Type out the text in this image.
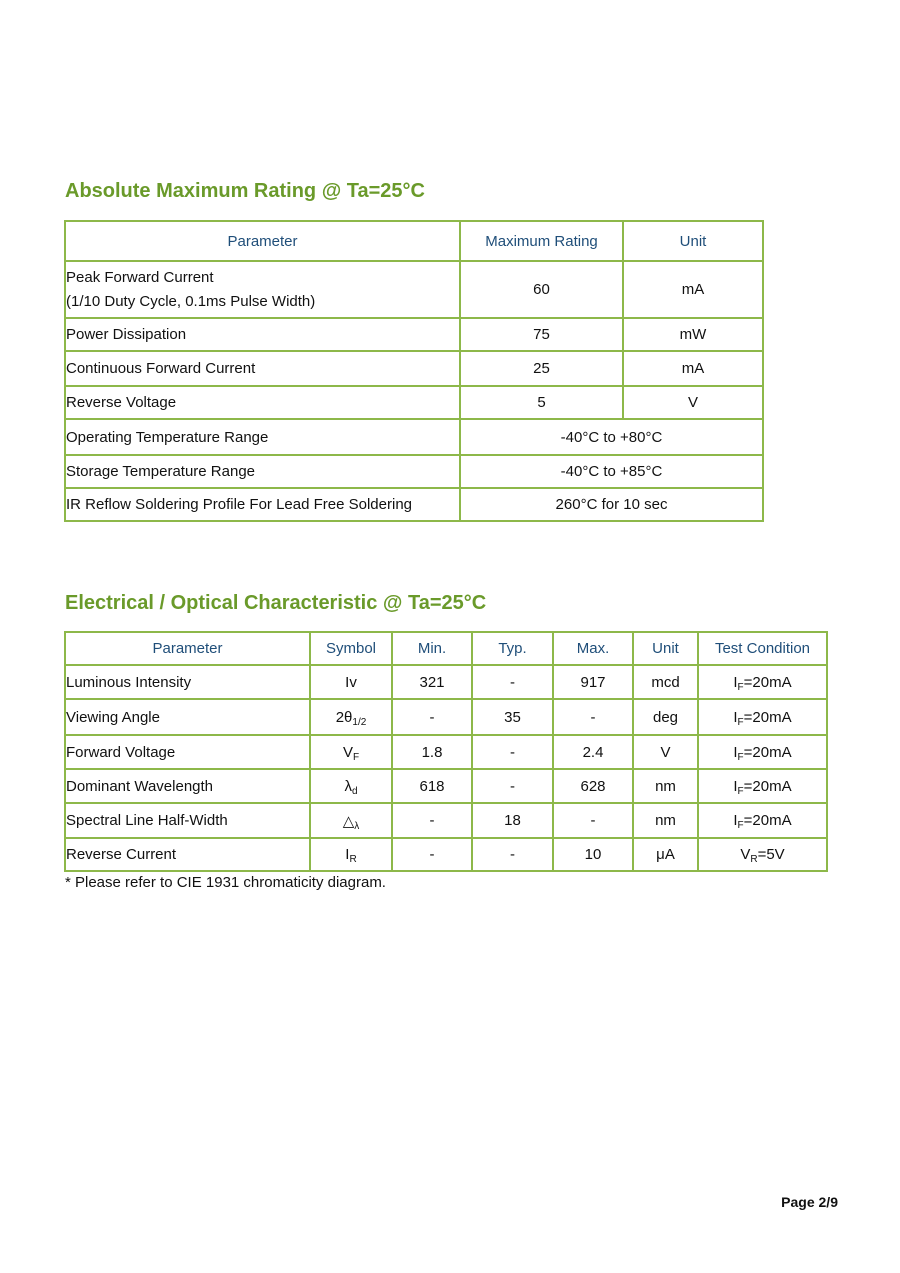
Absolute Maximum Rating @ Ta=25°C
Parameter	Maximum Rating	Unit

Peak Forward Current
(1/10 Duty Cycle, 0.1ms Pulse Width)	60	mA
Power Dissipation	75	mW
Continuous Forward Current	25	mA
Reverse Voltage	5	V
Operating Temperature Range	-40°C to +80°C	
Storage Temperature Range	-40°C to +85°C	
IR Reflow Soldering Profile For Lead Free Soldering	260°C for 10 sec	
Electrical / Optical Characteristic @ Ta=25°C
Parameter	Symbol	Min.	Typ.	Max.	Unit	Test Condition
Luminous Intensity	Iv	321	-	917	mcd	$I_F=20mA$
Viewing Angle	$2\theta_{1/2}$	-	35	-	deg	$I_F=20mA$
Forward Voltage	$V_F$	1.8	-	2.4	V	$I_F=20mA$
Dominant Wavelength	$\lambda_d$	618	-	628	nm	$I_F=20mA$
Spectral Line Half-Width	$\triangle_\lambda$	-	18	-	nm	$I_F=20mA$
Reverse Current	$I_R$	-	-	10	μA	$V_R=5V$

* Please refer to CIE 1931 chromaticity diagram.

Page 2/9
